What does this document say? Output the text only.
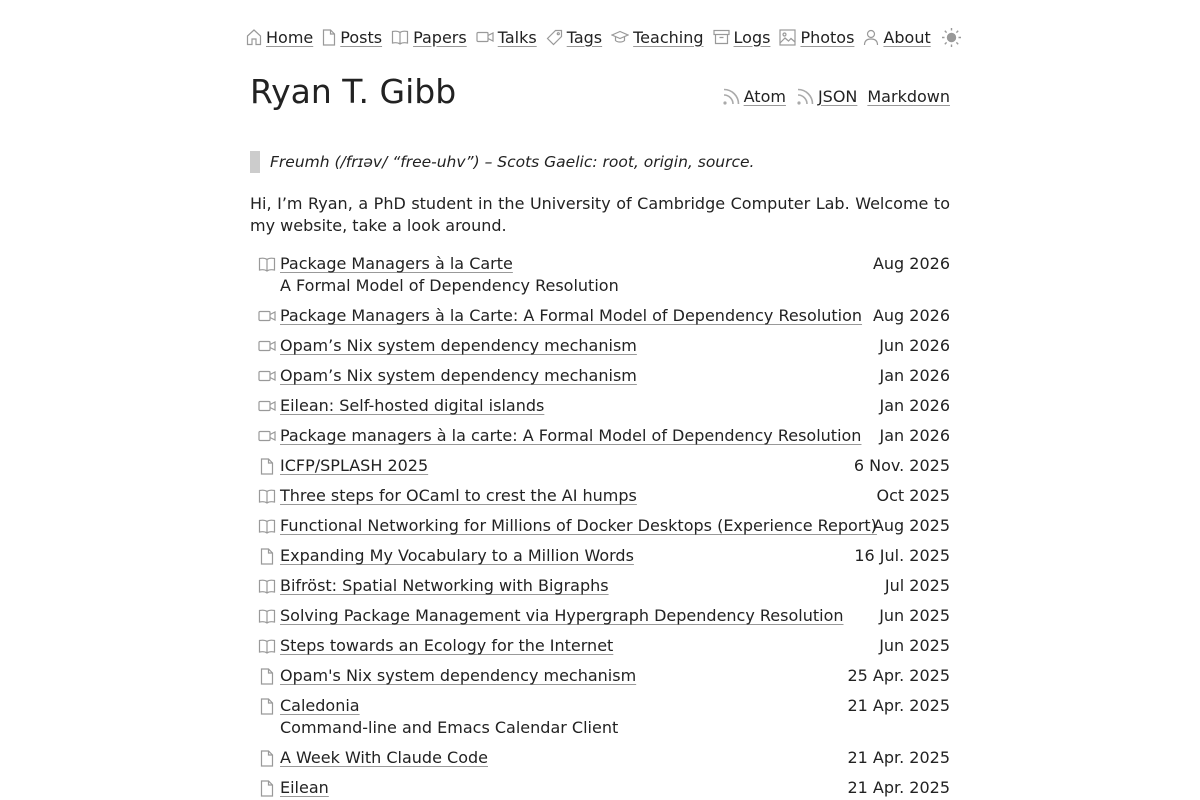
Home Posts Papers Talks Tags Teaching Logs Photos About
Ryan T. Gibb	Atom JSON Markdown
Freumh (/frɪəv/ “free-uhv”) – Scots Gaelic: root, origin, source.

Hi, I’m Ryan, a PhD student in the University of Cambridge Computer Lab. Welcome to my website, take a look around.

Package Managers à la Carte
A Formal Model of Dependency Resolution
Aug 2026
Package Managers à la Carte: A Formal Model of Dependency Resolution Aug 2026
Opam’s Nix system dependency mechanism	Jun 2026
Opam’s Nix system dependency mechanism	Jan 2026
Eilean: Self-hosted digital islands	Jan 2026
Package managers à la carte: A Formal Model of Dependency Resolution Jan 2026
ICFP/SPLASH 2025	6 Nov. 2025
Three steps for OCaml to crest the AI humps	Oct 2025
Functional Networking for Millions of Docker Desktops (Experience Report)
Aug 2025
Expanding My Vocabulary to a Million Words	16 Jul. 2025
Bifröst: Spatial Networking with Bigraphs	Jul 2025
Solving Package Management via Hypergraph Dependency Resolution	Jun 2025
Steps towards an Ecology for the Internet	Jun 2025
Opam's Nix system dependency mechanism	25 Apr. 2025
Caledonia
Command-line and Emacs Calendar Client
21 Apr. 2025
A Week With Claude Code	21 Apr. 2025
Eilean	21 Apr. 2025
